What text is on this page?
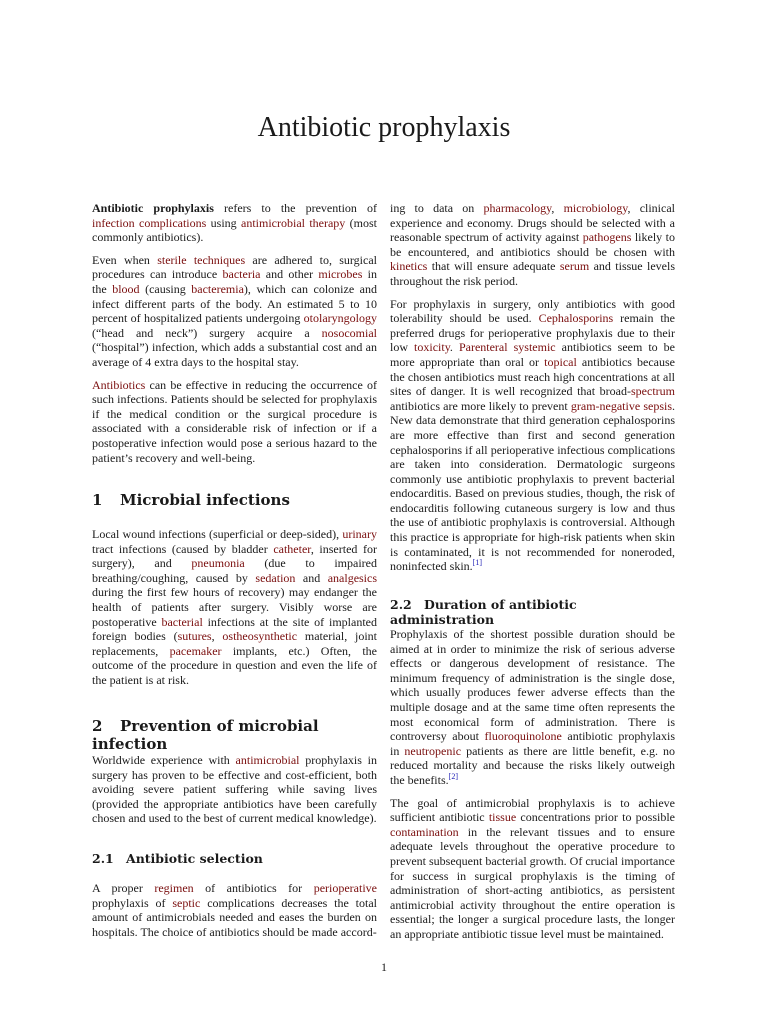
Antibiotic prophylaxis

Antibiotic prophylaxis refers to the prevention of infection complications using antimicrobial therapy (most commonly antibiotics).

Even when sterile techniques are adhered to, surgical procedures can introduce bacteria and other microbes in the blood (causing bacteremia), which can colonize and infect different parts of the body. An estimated 5 to 10 percent of hospitalized patients undergoing otolaryngology (“head and neck”) surgery acquire a nosocomial (“hospital”) infection, which adds a substantial cost and an average of 4 extra days to the hospital stay.

Antibiotics can be effective in reducing the occurrence of such infections. Patients should be selected for prophylaxis if the medical condition or the surgical procedure is associated with a considerable risk of infection or if a postoperative infection would pose a serious hazard to the patient’s recovery and well-being.

1 Microbial infections

Local wound infections (superficial or deep-sided), urinary tract infections (caused by bladder catheter, inserted for surgery), and pneumonia (due to impaired breathing/coughing, caused by sedation and analgesics during the first few hours of recovery) may endanger the health of patients after surgery. Visibly worse are postoperative bacterial infections at the site of implanted foreign bodies (sutures, ostheosynthetic material, joint replacements, pacemaker implants, etc.) Often, the outcome of the procedure in question and even the life of the patient is at risk.

2 Prevention of microbial infection

Worldwide experience with antimicrobial prophylaxis in surgery has proven to be effective and cost-efficient, both avoiding severe patient suffering while saving lives (provided the appropriate antibiotics have been carefully chosen and used to the best of current medical knowledge).

2.1 Antibiotic selection

A proper regimen of antibiotics for perioperative prophylaxis of septic complications decreases the total amount of antimicrobials needed and eases the burden on hospitals. The choice of antibiotics should be made accord-

ing to data on pharmacology, microbiology, clinical experience and economy. Drugs should be selected with a reasonable spectrum of activity against pathogens likely to be encountered, and antibiotics should be chosen with kinetics that will ensure adequate serum and tissue levels throughout the risk period.

For prophylaxis in surgery, only antibiotics with good tolerability should be used. Cephalosporins remain the preferred drugs for perioperative prophylaxis due to their low toxicity. Parenteral systemic antibiotics seem to be more appropriate than oral or topical antibiotics because the chosen antibiotics must reach high concentrations at all sites of danger. It is well recognized that broad-spectrum antibiotics are more likely to prevent gram-negative sepsis. New data demonstrate that third generation cephalosporins are more effective than first and second generation cephalosporins if all perioperative infectious complications are taken into consideration. Dermatologic surgeons commonly use antibiotic prophylaxis to prevent bacterial endocarditis. Based on previous studies, though, the risk of endocarditis following cutaneous surgery is low and thus the use of antibiotic prophylaxis is controversial. Although this practice is appropriate for high-risk patients when skin is contaminated, it is not recommended for noneroded, noninfected skin.[1]

2.2 Duration of antibiotic administration

Prophylaxis of the shortest possible duration should be aimed at in order to minimize the risk of serious adverse effects or dangerous development of resistance. The minimum frequency of administration is the single dose, which usually produces fewer adverse effects than the multiple dosage and at the same time often represents the most economical form of administration. There is controversy about fluoroquinolone antibiotic prophylaxis in neutropenic patients as there are little benefit, e.g. no reduced mortality and because the risks likely outweigh the benefits.[2]

The goal of antimicrobial prophylaxis is to achieve sufficient antibiotic tissue concentrations prior to possible contamination in the relevant tissues and to ensure adequate levels throughout the operative procedure to prevent subsequent bacterial growth. Of crucial importance for success in surgical prophylaxis is the timing of administration of short-acting antibiotics, as persistent antimicrobial activity throughout the entire operation is essential; the longer a surgical procedure lasts, the longer an appropriate antibiotic tissue level must be maintained.

1
